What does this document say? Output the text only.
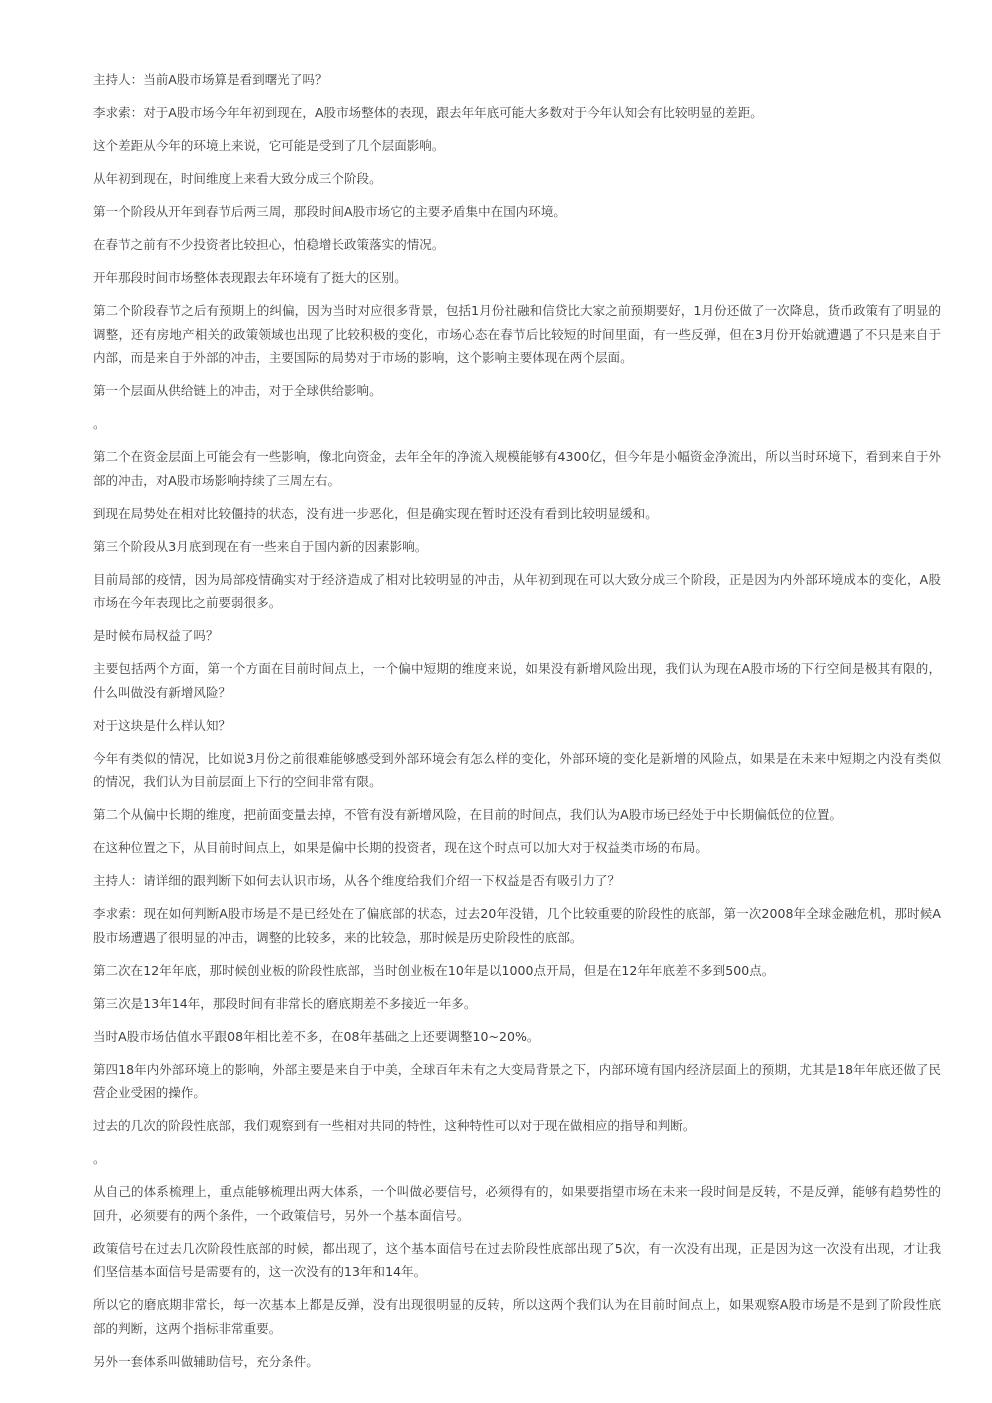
主持人：当前A股市场算是看到曙光了吗？

李求索：对于A股市场今年年初到现在，A股市场整体的表现，跟去年年底可能大多数对于今年认知会有比较明显的差距。

这个差距从今年的环境上来说，它可能是受到了几个层面影响。

从年初到现在，时间维度上来看大致分成三个阶段。

第一个阶段从开年到春节后两三周，那段时间A股市场它的主要矛盾集中在国内环境。

在春节之前有不少投资者比较担心，怕稳增长政策落实的情况。

开年那段时间市场整体表现跟去年环境有了挺大的区别。

第二个阶段春节之后有预期上的纠偏，因为当时对应很多背景，包括1月份社融和信贷比大家之前预期要好，1月份还做了一次降息，货币政策有了明显的调整，还有房地产相关的政策领域也出现了比较积极的变化，市场心态在春节后比较短的时间里面，有一些反弹，但在3月份开始就遭遇了不只是来自于内部，而是来自于外部的冲击，主要国际的局势对于市场的影响，这个影响主要体现在两个层面。

第一个层面从供给链上的冲击，对于全球供给影响。

。

第二个在资金层面上可能会有一些影响，像北向资金，去年全年的净流入规模能够有4300亿，但今年是小幅资金净流出，所以当时环境下，看到来自于外部的冲击，对A股市场影响持续了三周左右。

到现在局势处在相对比较僵持的状态，没有进一步恶化，但是确实现在暂时还没有看到比较明显缓和。

第三个阶段从3月底到现在有一些来自于国内新的因素影响。

目前局部的疫情，因为局部疫情确实对于经济造成了相对比较明显的冲击，从年初到现在可以大致分成三个阶段，正是因为内外部环境成本的变化，A股市场在今年表现比之前要弱很多。

是时候布局权益了吗？

主要包括两个方面，第一个方面在目前时间点上，一个偏中短期的维度来说，如果没有新增风险出现，我们认为现在A股市场的下行空间是极其有限的，什么叫做没有新增风险？

对于这块是什么样认知？

今年有类似的情况，比如说3月份之前很难能够感受到外部环境会有怎么样的变化，外部环境的变化是新增的风险点，如果是在未来中短期之内没有类似的情况，我们认为目前层面上下行的空间非常有限。

第二个从偏中长期的维度，把前面变量去掉，不管有没有新增风险，在目前的时间点，我们认为A股市场已经处于中长期偏低位的位置。

在这种位置之下，从目前时间点上，如果是偏中长期的投资者，现在这个时点可以加大对于权益类市场的布局。

主持人：请详细的跟判断下如何去认识市场，从各个维度给我们介绍一下权益是否有吸引力了？

李求索：现在如何判断A股市场是不是已经处在了偏底部的状态，过去20年没错，几个比较重要的阶段性的底部，第一次2008年全球金融危机，那时候A股市场遭遇了很明显的冲击，调整的比较多，来的比较急，那时候是历史阶段性的底部。

第二次在12年年底，那时候创业板的阶段性底部，当时创业板在10年是以1000点开局，但是在12年年底差不多到500点。

第三次是13年14年，那段时间有非常长的磨底期差不多接近一年多。

当时A股市场估值水平跟08年相比差不多，在08年基础之上还要调整10~20%。

第四18年内外部环境上的影响，外部主要是来自于中美，全球百年未有之大变局背景之下，内部环境有国内经济层面上的预期，尤其是18年年底还做了民营企业受困的操作。

过去的几次的阶段性底部，我们观察到有一些相对共同的特性，这种特性可以对于现在做相应的指导和判断。

。

从自己的体系梳理上，重点能够梳理出两大体系，一个叫做必要信号，必须得有的，如果要指望市场在未来一段时间是反转，不是反弹，能够有趋势性的回升，必须要有的两个条件，一个政策信号，另外一个基本面信号。

政策信号在过去几次阶段性底部的时候，都出现了，这个基本面信号在过去阶段性底部出现了5次，有一次没有出现，正是因为这一次没有出现，才让我们坚信基本面信号是需要有的，这一次没有的13年和14年。

所以它的磨底期非常长，每一次基本上都是反弹，没有出现很明显的反转，所以这两个我们认为在目前时间点上，如果观察A股市场是不是到了阶段性底部的判断，这两个指标非常重要。

另外一套体系叫做辅助信号，充分条件。
